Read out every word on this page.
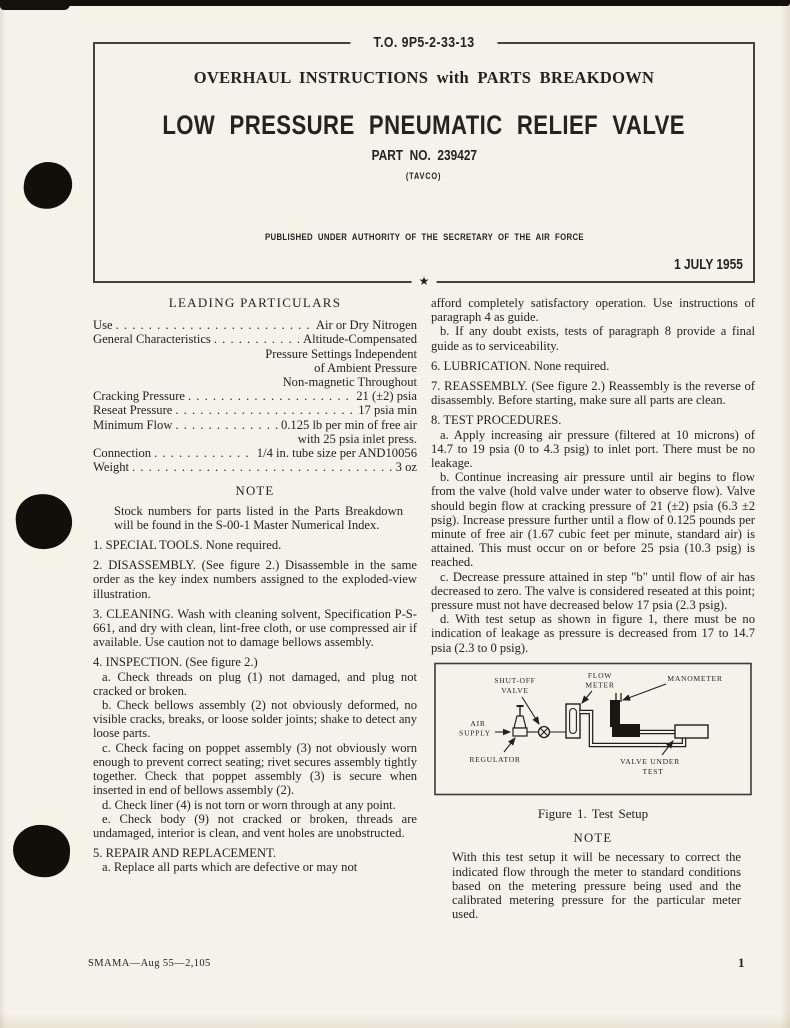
T.O. 9P5-2-33-13
OVERHAUL INSTRUCTIONS with PARTS BREAKDOWN
LOW PRESSURE PNEUMATIC RELIEF VALVE
PART NO. 239427
(TAVCO)
PUBLISHED UNDER AUTHORITY OF THE SECRETARY OF THE AIR FORCE
1 JULY 1955
★
LEADING PARTICULARS
Use . . .	Air or Dry Nitrogen
General Characteristics . . .	Altitude-Compensated
Pressure Settings Independent
of Ambient Pressure
Non-magnetic Throughout
Cracking Pressure . . .	21 (±2) psia
Reseat Pressure . . .	17 psia min
Minimum Flow . . .	0.125 lb per min of free air
with 25 psia inlet press.
Connection . . .	1/4 in. tube size per AND10056
Weight . . .	3 oz
NOTE

Stock numbers for parts listed in the Parts Breakdown will be found in the S-00-1 Master Numerical Index.

1. SPECIAL TOOLS. None required.

2. DISASSEMBLY. (See figure 2.) Disassemble in the same order as the key index numbers assigned to the exploded-view illustration.

3. CLEANING. Wash with cleaning solvent, Specification P-S-661, and dry with clean, lint-free cloth, or use compressed air if available. Use caution not to damage bellows assembly.

4. INSPECTION. (See figure 2.)

a. Check threads on plug (1) not damaged, and plug not cracked or broken.

b. Check bellows assembly (2) not obviously deformed, no visible cracks, breaks, or loose solder joints; shake to detect any loose parts.

c. Check facing on poppet assembly (3) not obviously worn enough to prevent correct seating; rivet secures assembly tightly together. Check that poppet assembly (3) is secure when inserted in end of bellows assembly (2).

d. Check liner (4) is not torn or worn through at any point.

e. Check body (9) not cracked or broken, threads are undamaged, interior is clean, and vent holes are unobstructed.

5. REPAIR AND REPLACEMENT.

a. Replace all parts which are defective or may not

afford completely satisfactory operation. Use instructions of paragraph 4 as guide.

b. If any doubt exists, tests of paragraph 8 provide a final guide as to serviceability.

6. LUBRICATION. None required.

7. REASSEMBLY. (See figure 2.) Reassembly is the reverse of disassembly. Before starting, make sure all parts are clean.

8. TEST PROCEDURES.

a. Apply increasing air pressure (filtered at 10 microns) of 14.7 to 19 psia (0 to 4.3 psig) to inlet port. There must be no leakage.

b. Continue increasing air pressure until air begins to flow from the valve (hold valve under water to observe flow). Valve should begin flow at cracking pressure of 21 (±2) psia (6.3 ±2 psig). Increase pressure further until a flow of 0.125 pounds per minute of free air (1.67 cubic feet per minute, standard air) is attained. This must occur on or before 25 psia (10.3 psig) is reached.

c. Decrease pressure attained in step "b" until flow of air has decreased to zero. The valve is considered reseated at this point; pressure must not have decreased below 17 psia (2.3 psig).

d. With test setup as shown in figure 1, there must be no indication of leakage as pressure is decreased from 17 to 14.7 psia (2.3 to 0 psig).

AIR
SUPPLY
REGULATOR
SHUT-OFF
VALVE
FLOW
METER
MANOMETER
VALVE UNDER
TEST
Figure 1. Test Setup
NOTE

With this test setup it will be necessary to correct the indicated flow through the meter to standard conditions based on the metering pressure being used and the calibrated metering pressure for the particular meter used.

SMAMA—Aug 55—2,105	1
